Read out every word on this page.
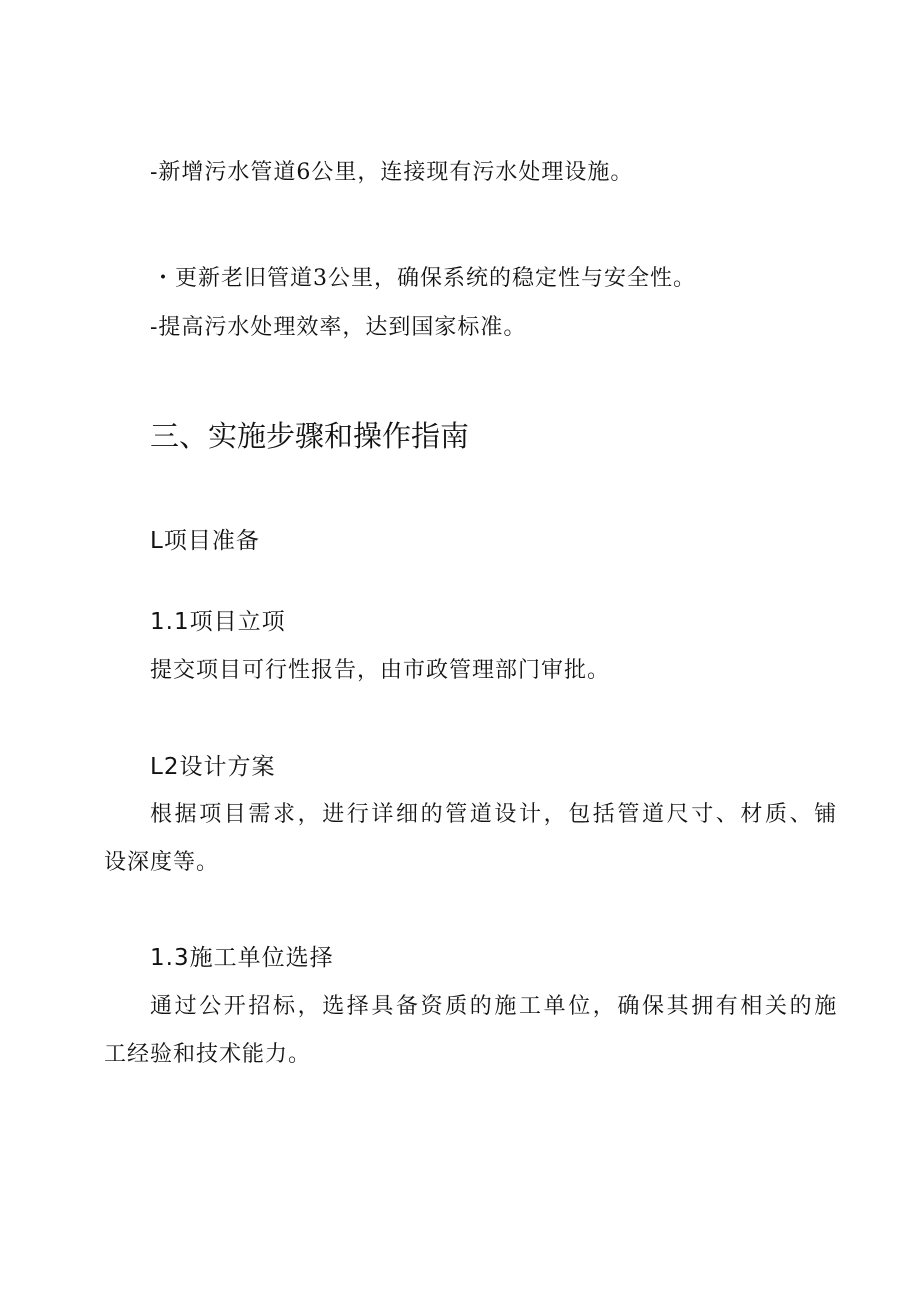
-新增污水管道6公里，连接现有污水处理设施。
・更新老旧管道3公里，确保系统的稳定性与安全性。
-提高污水处理效率，达到国家标准。
三、实施步骤和操作指南
L项目准备
1.1项目立项
提交项目可行性报告，由市政管理部门审批。
L2设计方案
根据项目需求，进行详细的管道设计，包括管道尺寸、材质、铺
设深度等。
1.3施工单位选择
通过公开招标，选择具备资质的施工单位，确保其拥有相关的施
工经验和技术能力。
